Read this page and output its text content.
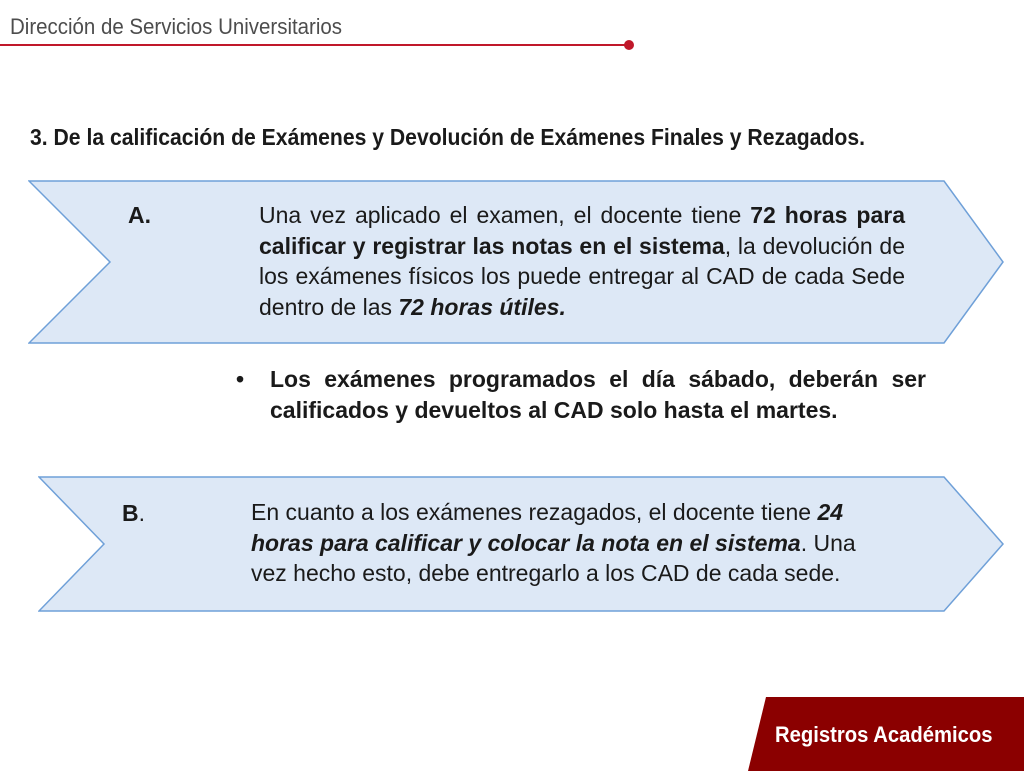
Dirección de Servicios Universitarios
3. De la calificación de Exámenes y Devolución de Exámenes Finales y Rezagados.
A.	Una vez aplicado el examen, el docente tiene 72 horas para calificar y registrar las notas en el sistema, la devolución de los exámenes físicos los puede entregar al CAD de cada Sede dentro de las 72 horas útiles.
• Los exámenes programados el día sábado, deberán ser calificados y devueltos al CAD solo hasta el martes.
B.	En cuanto a los exámenes rezagados, el docente tiene 24 horas para calificar y colocar la nota en el sistema. Una vez hecho esto, debe entregarlo a los CAD de cada sede.
Registros Académicos
